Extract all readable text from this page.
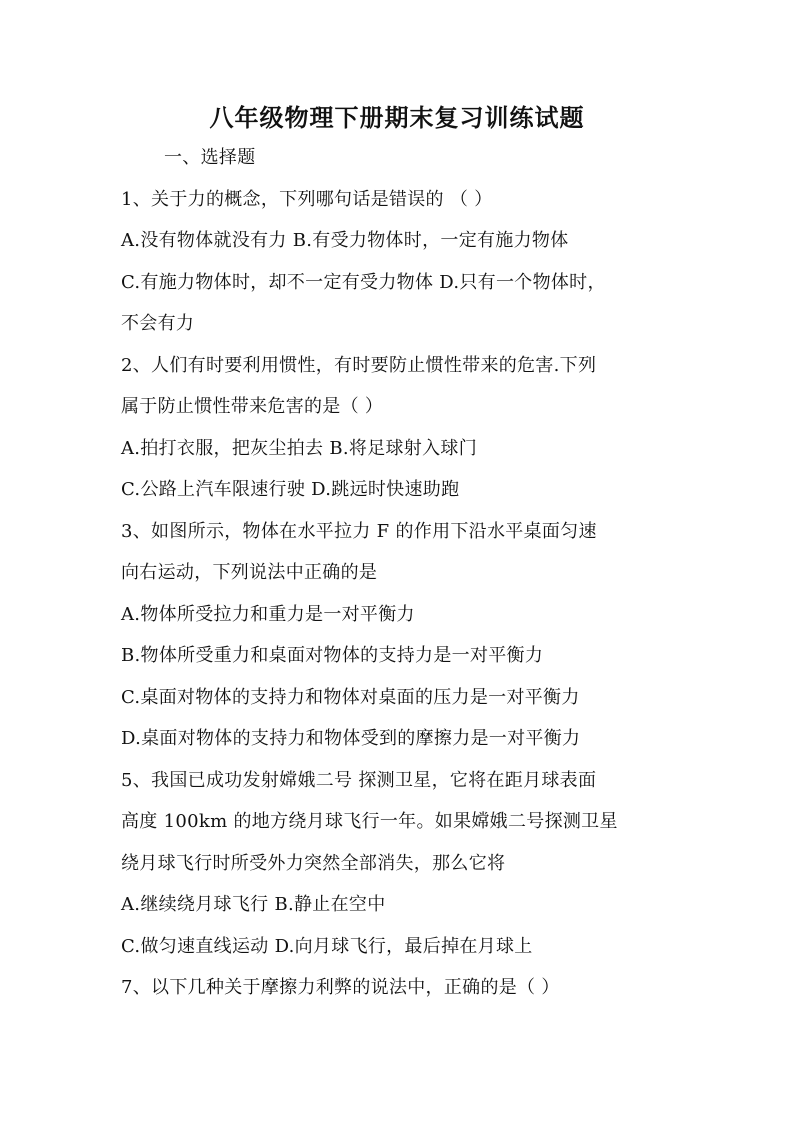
八年级物理下册期末复习训练试题
一、选择题
1、关于力的概念，下列哪句话是错误的 （ ）
A.没有物体就没有力 B.有受力物体时，一定有施力物体
C.有施力物体时，却不一定有受力物体 D.只有一个物体时，
不会有力
2、人们有时要利用惯性，有时要防止惯性带来的危害.下列
属于防止惯性带来危害的是（ ）
A.拍打衣服，把灰尘拍去 B.将足球射入球门
C.公路上汽车限速行驶 D.跳远时快速助跑
3、如图所示，物体在水平拉力 F 的作用下沿水平桌面匀速
向右运动，下列说法中正确的是
A.物体所受拉力和重力是一对平衡力
B.物体所受重力和桌面对物体的支持力是一对平衡力
C.桌面对物体的支持力和物体对桌面的压力是一对平衡力
D.桌面对物体的支持力和物体受到的摩擦力是一对平衡力
5、我国已成功发射嫦娥二号 探测卫星，它将在距月球表面
高度 100km 的地方绕月球飞行一年。如果嫦娥二号探测卫星
绕月球飞行时所受外力突然全部消失，那么它将
A.继续绕月球飞行 B.静止在空中
C.做匀速直线运动 D.向月球飞行，最后掉在月球上
7、以下几种关于摩擦力利弊的说法中，正确的是（ ）
